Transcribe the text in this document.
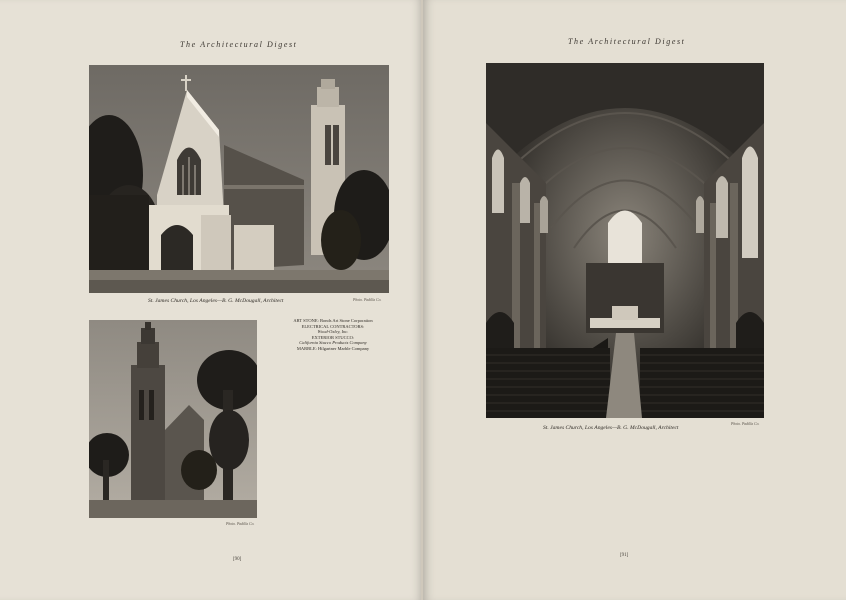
The Architectural Digest
St. James Church, Los Angeles—B. G. McDougall, Architect	Photo. Padilla Co.
Photo. Padilla Co.
ART STONE: Bonds Art Stone Corporation
ELECTRICAL CONTRACTORS:
Wood-Oxley, Inc.
EXTERIOR STUCCO:
California Stucco Products Company
MARBLE: Hilgartner Marble Company
[90]
The Architectural Digest
St. James Church, Los Angeles—B. G. McDougall, Architect
Photo. Padilla Co.
[91]
